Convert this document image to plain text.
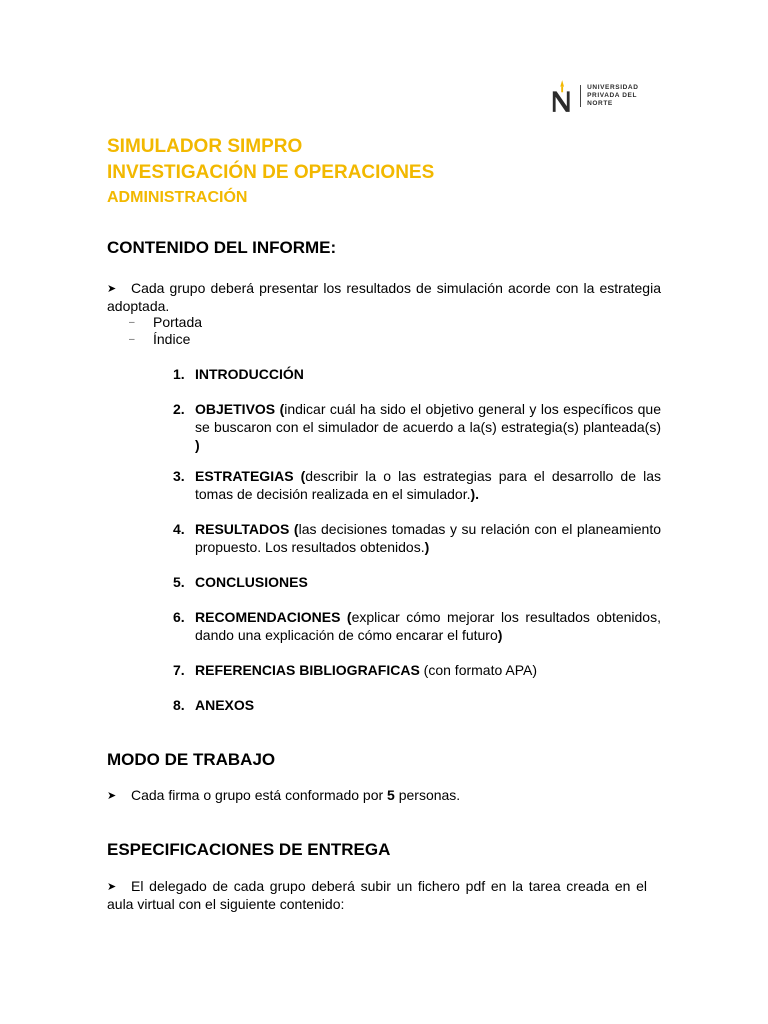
UNIVERSIDAD
PRIVADA DEL NORTE
SIMULADOR SIMPRO
INVESTIGACIÓN DE OPERACIONES
ADMINISTRACIÓN
CONTENIDO DEL INFORME:
➤ Cada grupo deberá presentar los resultados de simulación acorde con la estrategia adoptada.
– Portada
– Índice
1. INTRODUCCIÓN
2. OBJETIVOS (indicar cuál ha sido el objetivo general y los específicos que se buscaron con el simulador de acuerdo a la(s) estrategia(s) planteada(s) )
3. ESTRATEGIAS (describir la o las estrategias para el desarrollo de las tomas de decisión realizada en el simulador.).
4. RESULTADOS (las decisiones tomadas y su relación con el planeamiento propuesto. Los resultados obtenidos.)
5. CONCLUSIONES
6. RECOMENDACIONES (explicar cómo mejorar los resultados obtenidos, dando una explicación de cómo encarar el futuro)
7. REFERENCIAS BIBLIOGRAFICAS (con formato APA)
8. ANEXOS
MODO DE TRABAJO
➤ Cada firma o grupo está conformado por 5 personas.
ESPECIFICACIONES DE ENTREGA
➤ El delegado de cada grupo deberá subir un fichero pdf en la tarea creada en el aula virtual con el siguiente contenido:
